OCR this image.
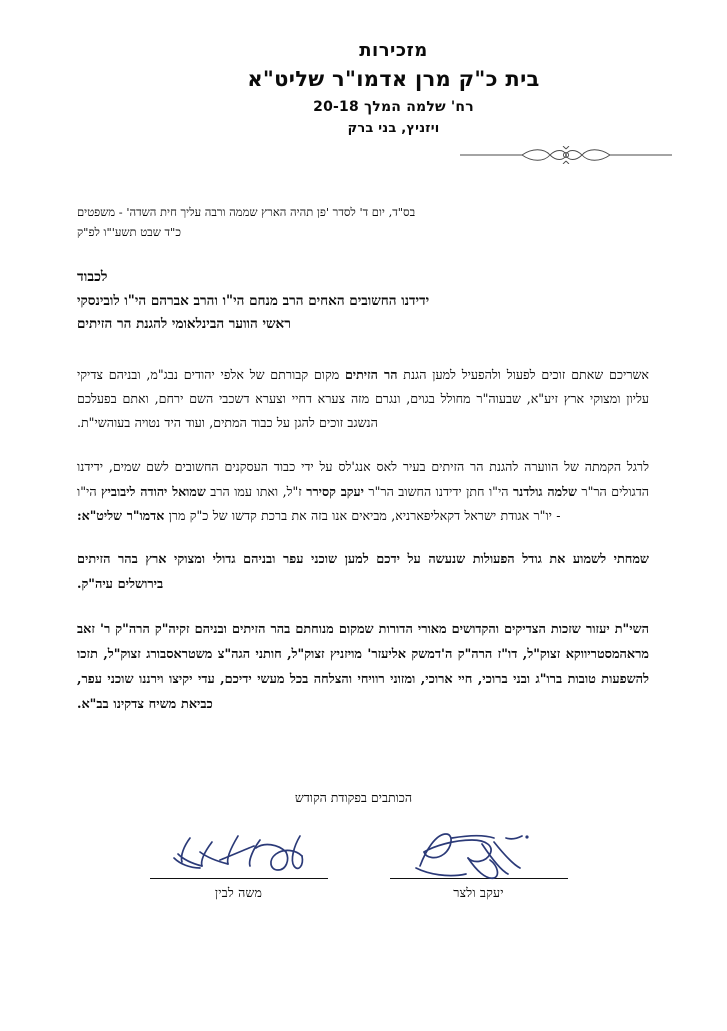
מזכירות
בית כ"ק מרן אדמו"ר שליט"א
רח' שלמה המלך 20-18
ויזניץ, בני ברק
בס"ד, יום ד' לסדר 'פן תהיה הארץ שממה ורבה עליך חית השדה' - משפטים
כ"ד שבט תשע'"ו לפ"ק
לכבוד
ידידנו החשובים האחים הרב מנחם הי"ו והרב אברהם הי"ו לובינסקי
ראשי הווער הבינלאומי להגנת הר הזיתים

אשריכם שאתם זוכים לפעול ולהפעיל למען הגנת הר הזיתים מקום קבורתם של אלפי יהודים נבג"מ, ובניהם צדיקי עליון ומצוקי ארץ זיע"א, שבעוה"ר מחולל בגוים, ונגרם מזה צערא דחיי וצערא דשכבי השם ירחם, ואתם בפעלכם הנשגב זוכים להגן על כבוד המתים, ועוד היד נטויה בעוהשי"ת.

לרגל הקמתה של הווערה להגנת הר הזיתים בעיר לאס אנג'לס על ידי כבוד העסקנים החשובים לשם שמים, ידידנו הדגולים הר"ר שלמה גולדנר הי"ו חתן ידידנו החשוב הר"ר יעקב קסירר ז"ל, ואתו עמו הרב שמואל יהודה ליבוביץ הי"ו - יו"ר אגודת ישראל דקאליפארניא, מביאים אנו בזה את ברכת קדשו של כ"ק מרן אדמו"ר שליט"א:

שמחתי לשמוע את גודל הפעולות שנעשה על ידכם למען שוכני עפר ובניהם גדולי ומצוקי ארץ בהר הזיתים בירושלים עיה"ק.

השי"ת יעזור שזכות הצדיקים והקדושים מאורי הדורות שמקום מנוחתם בהר הזיתים ובניהם זקיה"ק הרה"ק ר' זאב מראהמסטריווקא זצוק"ל, דו"ז הרה"ק ה'דמשק אליעזר' מויזניץ זצוק"ל, חותני הגה"צ משטראסבורג זצוק"ל, תזכו להשפעות טובות ברו"ג ובני ברוכי, חיי ארוכי, ומזוני רוויחי והצלחה בכל מעשי ידיכם, עדי יקיצו וירננו שוכני עפר, כביאת משיח צדקינו בב"א.

הכותבים בפקודת הקודש
יעקב ולצר
משה לבין
